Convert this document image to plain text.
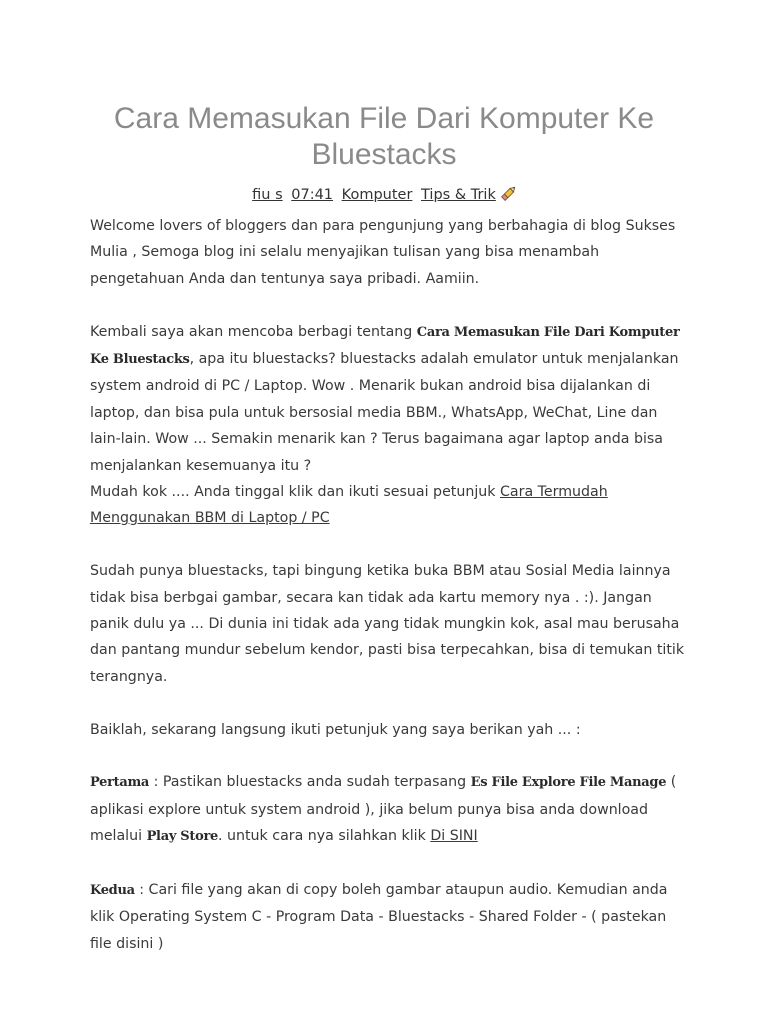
Cara Memasukan File Dari Komputer Ke Bluestacks
fiu s 07:41 Komputer Tips & Trik

Welcome lovers of bloggers dan para pengunjung yang berbahagia di blog Sukses Mulia , Semoga blog ini selalu menyajikan tulisan yang bisa menambah pengetahuan Anda dan tentunya saya pribadi. Aamiin.

Kembali saya akan mencoba berbagi tentang Cara Memasukan File Dari Komputer Ke Bluestacks, apa itu bluestacks? bluestacks adalah emulator untuk menjalankan system android di PC / Laptop. Wow . Menarik bukan android bisa dijalankan di laptop, dan bisa pula untuk bersosial media BBM., WhatsApp, WeChat, Line dan lain-lain. Wow ... Semakin menarik kan ? Terus bagaimana agar laptop anda bisa menjalankan kesemuanya itu ?

Mudah kok .... Anda tinggal klik dan ikuti sesuai petunjuk Cara Termudah Menggunakan BBM di Laptop / PC

Sudah punya bluestacks, tapi bingung ketika buka BBM atau Sosial Media lainnya tidak bisa berbgai gambar, secara kan tidak ada kartu memory nya . :). Jangan panik dulu ya ... Di dunia ini tidak ada yang tidak mungkin kok, asal mau berusaha dan pantang mundur sebelum kendor, pasti bisa terpecahkan, bisa di temukan titik terangnya.

Baiklah, sekarang langsung ikuti petunjuk yang saya berikan yah ... :

Pertama : Pastikan bluestacks anda sudah terpasang Es File Explore File Manage ( aplikasi explore untuk system android ), jika belum punya bisa anda download melalui Play Store. untuk cara nya silahkan klik Di SINI

Kedua : Cari file yang akan di copy boleh gambar ataupun audio. Kemudian anda klik Operating System C - Program Data - Bluestacks - Shared Folder - ( pastekan file disini )
